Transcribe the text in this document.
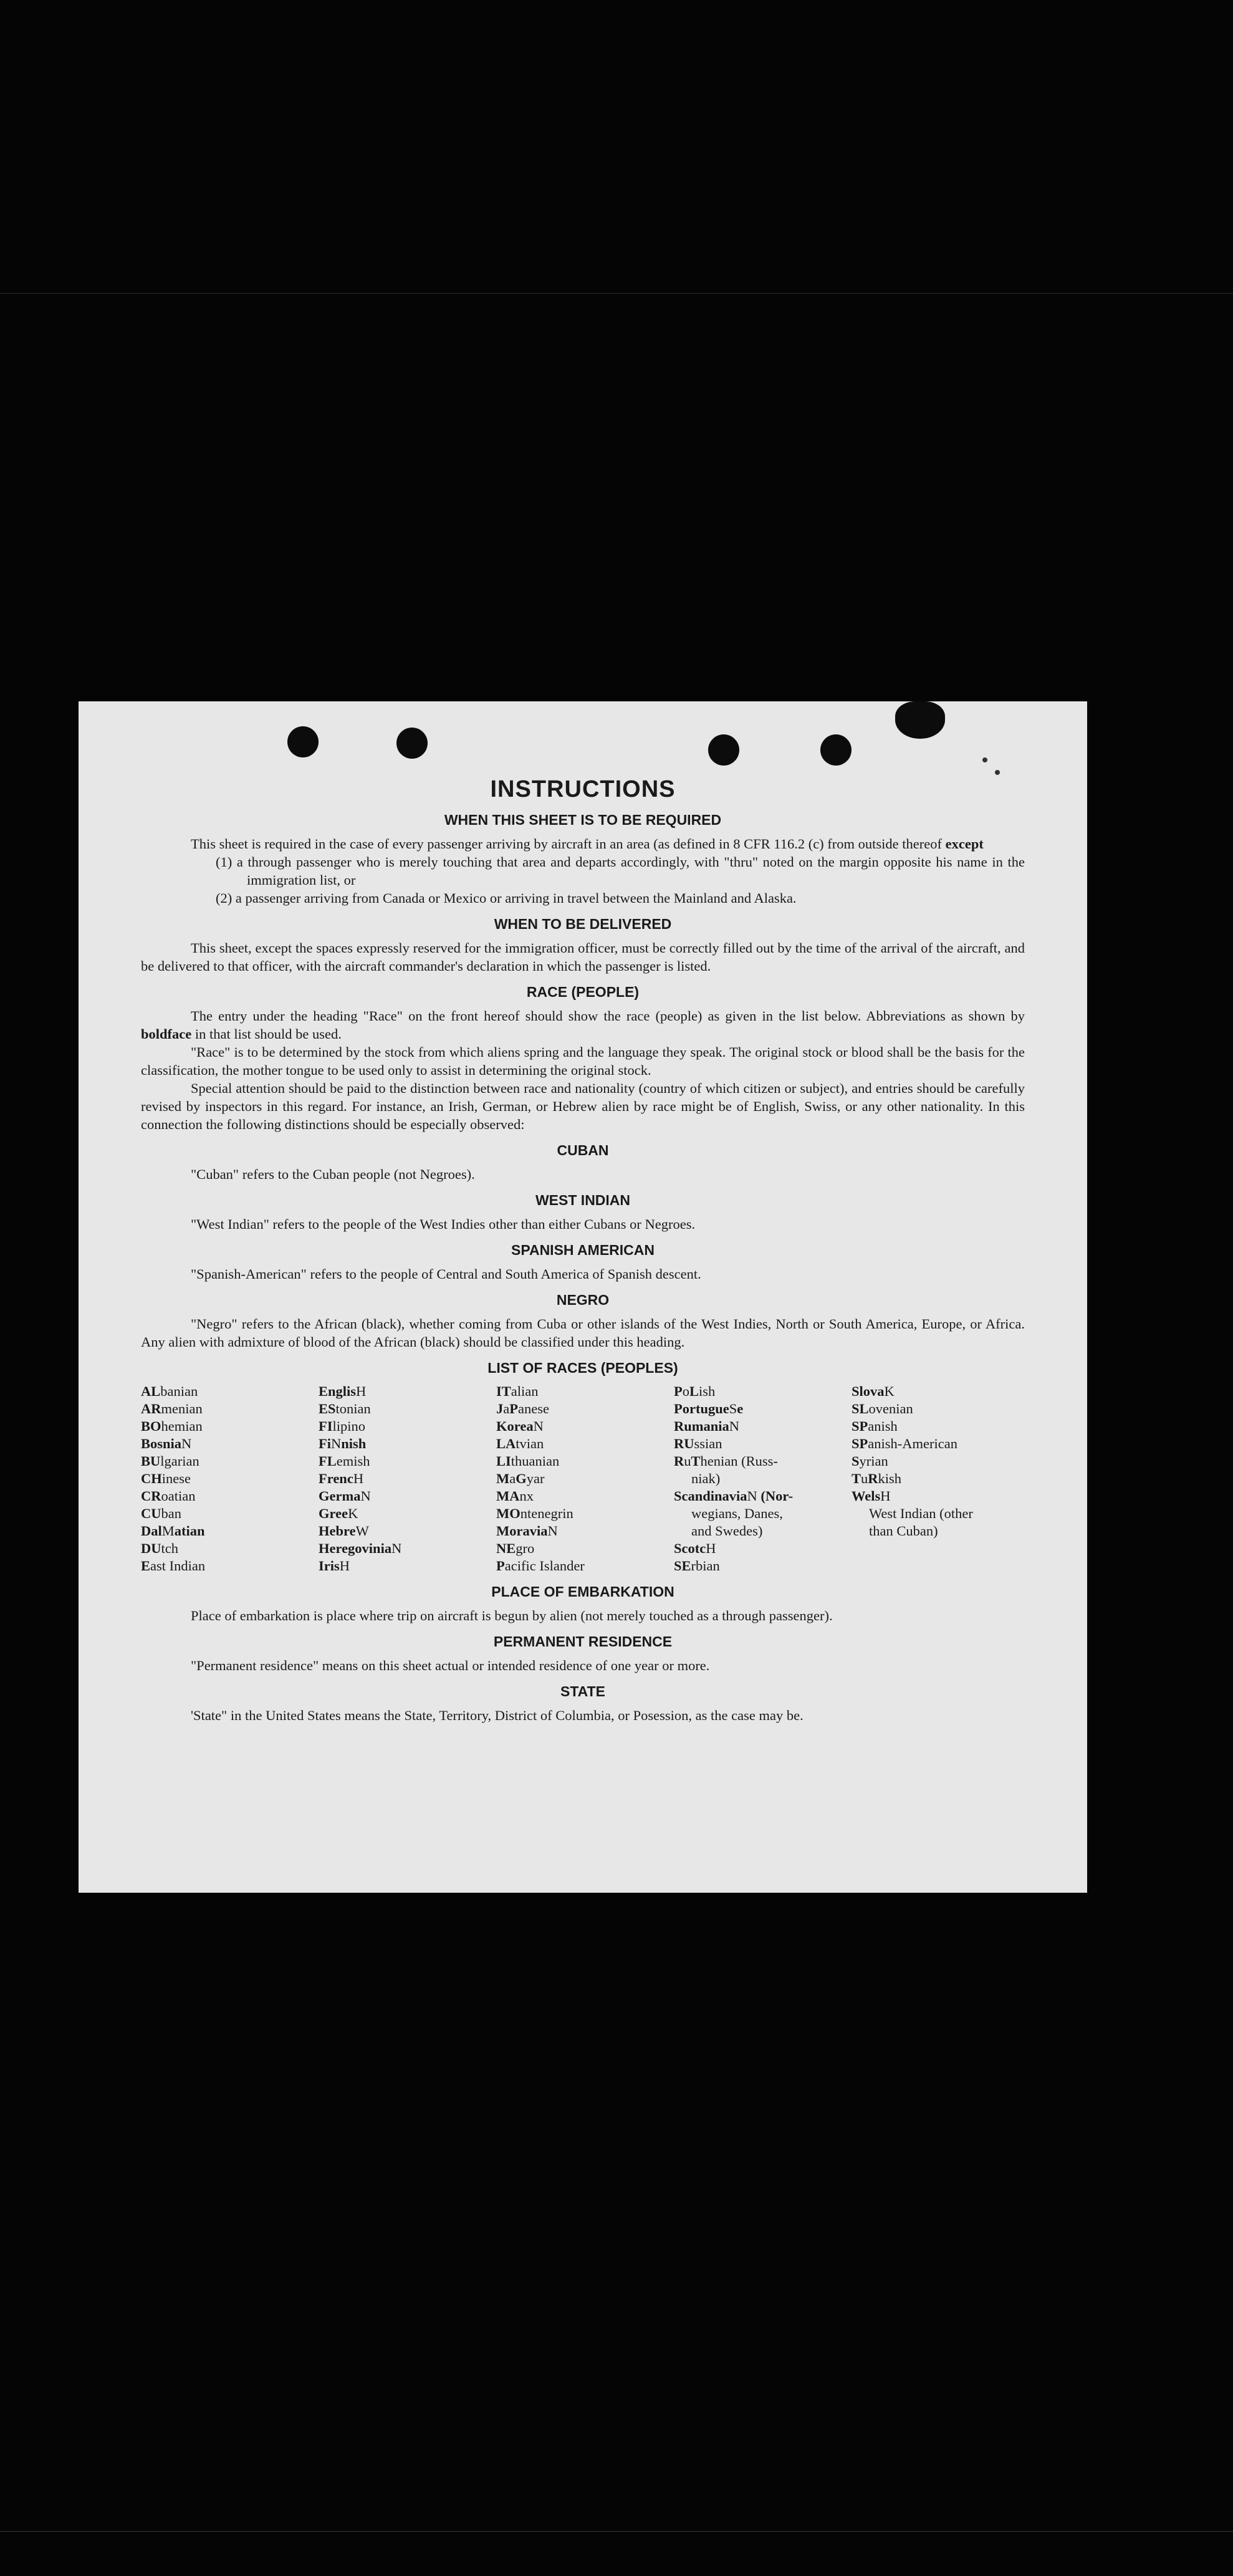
INSTRUCTIONS
WHEN THIS SHEET IS TO BE REQUIRED

This sheet is required in the case of every passenger arriving by aircraft in an area (as defined in 8 CFR 116.2 (c) from outside thereof except

(1) a through passenger who is merely touching that area and departs accordingly, with "thru" noted on the margin opposite his name in the immigration list, or

(2) a passenger arriving from Canada or Mexico or arriving in travel between the Mainland and Alaska.

WHEN TO BE DELIVERED

This sheet, except the spaces expressly reserved for the immigration officer, must be correctly filled out by the time of the arrival of the aircraft, and be delivered to that officer, with the aircraft commander's declaration in which the passenger is listed.

RACE (PEOPLE)

The entry under the heading "Race" on the front hereof should show the race (people) as given in the list below. Abbreviations as shown by boldface in that list should be used.

"Race" is to be determined by the stock from which aliens spring and the language they speak. The original stock or blood shall be the basis for the classification, the mother tongue to be used only to assist in determining the original stock.

Special attention should be paid to the distinction between race and nationality (country of which citizen or subject), and entries should be carefully revised by inspectors in this regard. For instance, an Irish, German, or Hebrew alien by race might be of English, Swiss, or any other nationality. In this connection the following distinctions should be especially observed:

CUBAN

"Cuban" refers to the Cuban people (not Negroes).

WEST INDIAN

"West Indian" refers to the people of the West Indies other than either Cubans or Negroes.

SPANISH AMERICAN

"Spanish-American" refers to the people of Central and South America of Spanish descent.

NEGRO

"Negro" refers to the African (black), whether coming from Cuba or other islands of the West Indies, North or South America, Europe, or Africa. Any alien with admixture of blood of the African (black) should be classified under this heading.

LIST OF RACES (PEOPLES)
ALbanian
ARmenian
BOhemian
BosniaN
BUlgarian
CHinese
CRoatian
CUban
DalMatian
DUtch
East Indian
EnglisH
EStonian
FIlipino
FiNnish
FLemish
FrencH
GermaN
GreeK
HebreW
HeregoviniaN
IrisH
ITalian
JaPanese
KoreaN
LAtvian
LIthuanian
MaGyar
MAnx
MOntenegrin
MoraviaN
NEgro
Pacific Islander
PoLish
PortugueSe
RumaniaN
RUssian
RuThenian (Russ-
niak)
ScandinaviaN (Nor-
wegians, Danes,
and Swedes)
ScotcH
SErbian
SlovaK
SLovenian
SPanish
SPanish-American
Syrian
TuRkish
WelsH
West Indian (other
than Cuban)
PLACE OF EMBARKATION

Place of embarkation is place where trip on aircraft is begun by alien (not merely touched as a through passenger).

PERMANENT RESIDENCE

"Permanent residence" means on this sheet actual or intended residence of one year or more.

STATE

'State" in the United States means the State, Territory, District of Columbia, or Posession, as the case may be.
